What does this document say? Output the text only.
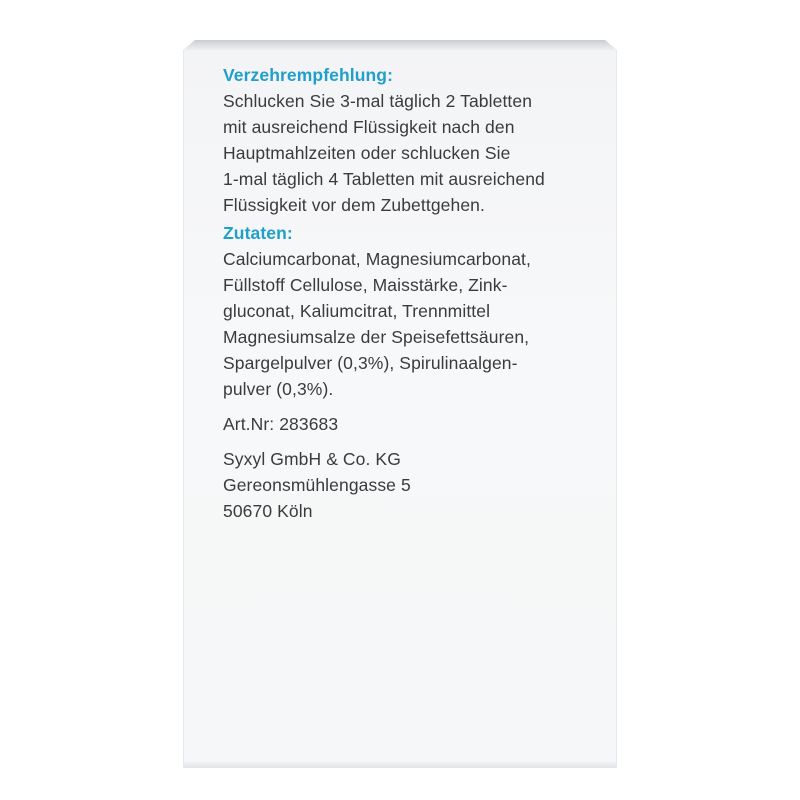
Verzehrempfehlung:

Schlucken Sie 3-mal täglich 2 Tabletten

mit ausreichend Flüssigkeit nach den

Hauptmahlzeiten oder schlucken Sie

1-mal täglich 4 Tabletten mit ausreichend

Flüssigkeit vor dem Zubettgehen.

Zutaten:

Calciumcarbonat, Magnesiumcarbonat,

Füllstoff Cellulose, Maisstärke, Zink-

gluconat, Kaliumcitrat, Trennmittel

Magnesiumsalze der Speisefettsäuren,

Spargelpulver (0,3%), Spirulinaalgen-

pulver (0,3%).

Art.Nr: 283683

Syxyl GmbH & Co. KG

Gereonsmühlengasse 5

50670 Köln
